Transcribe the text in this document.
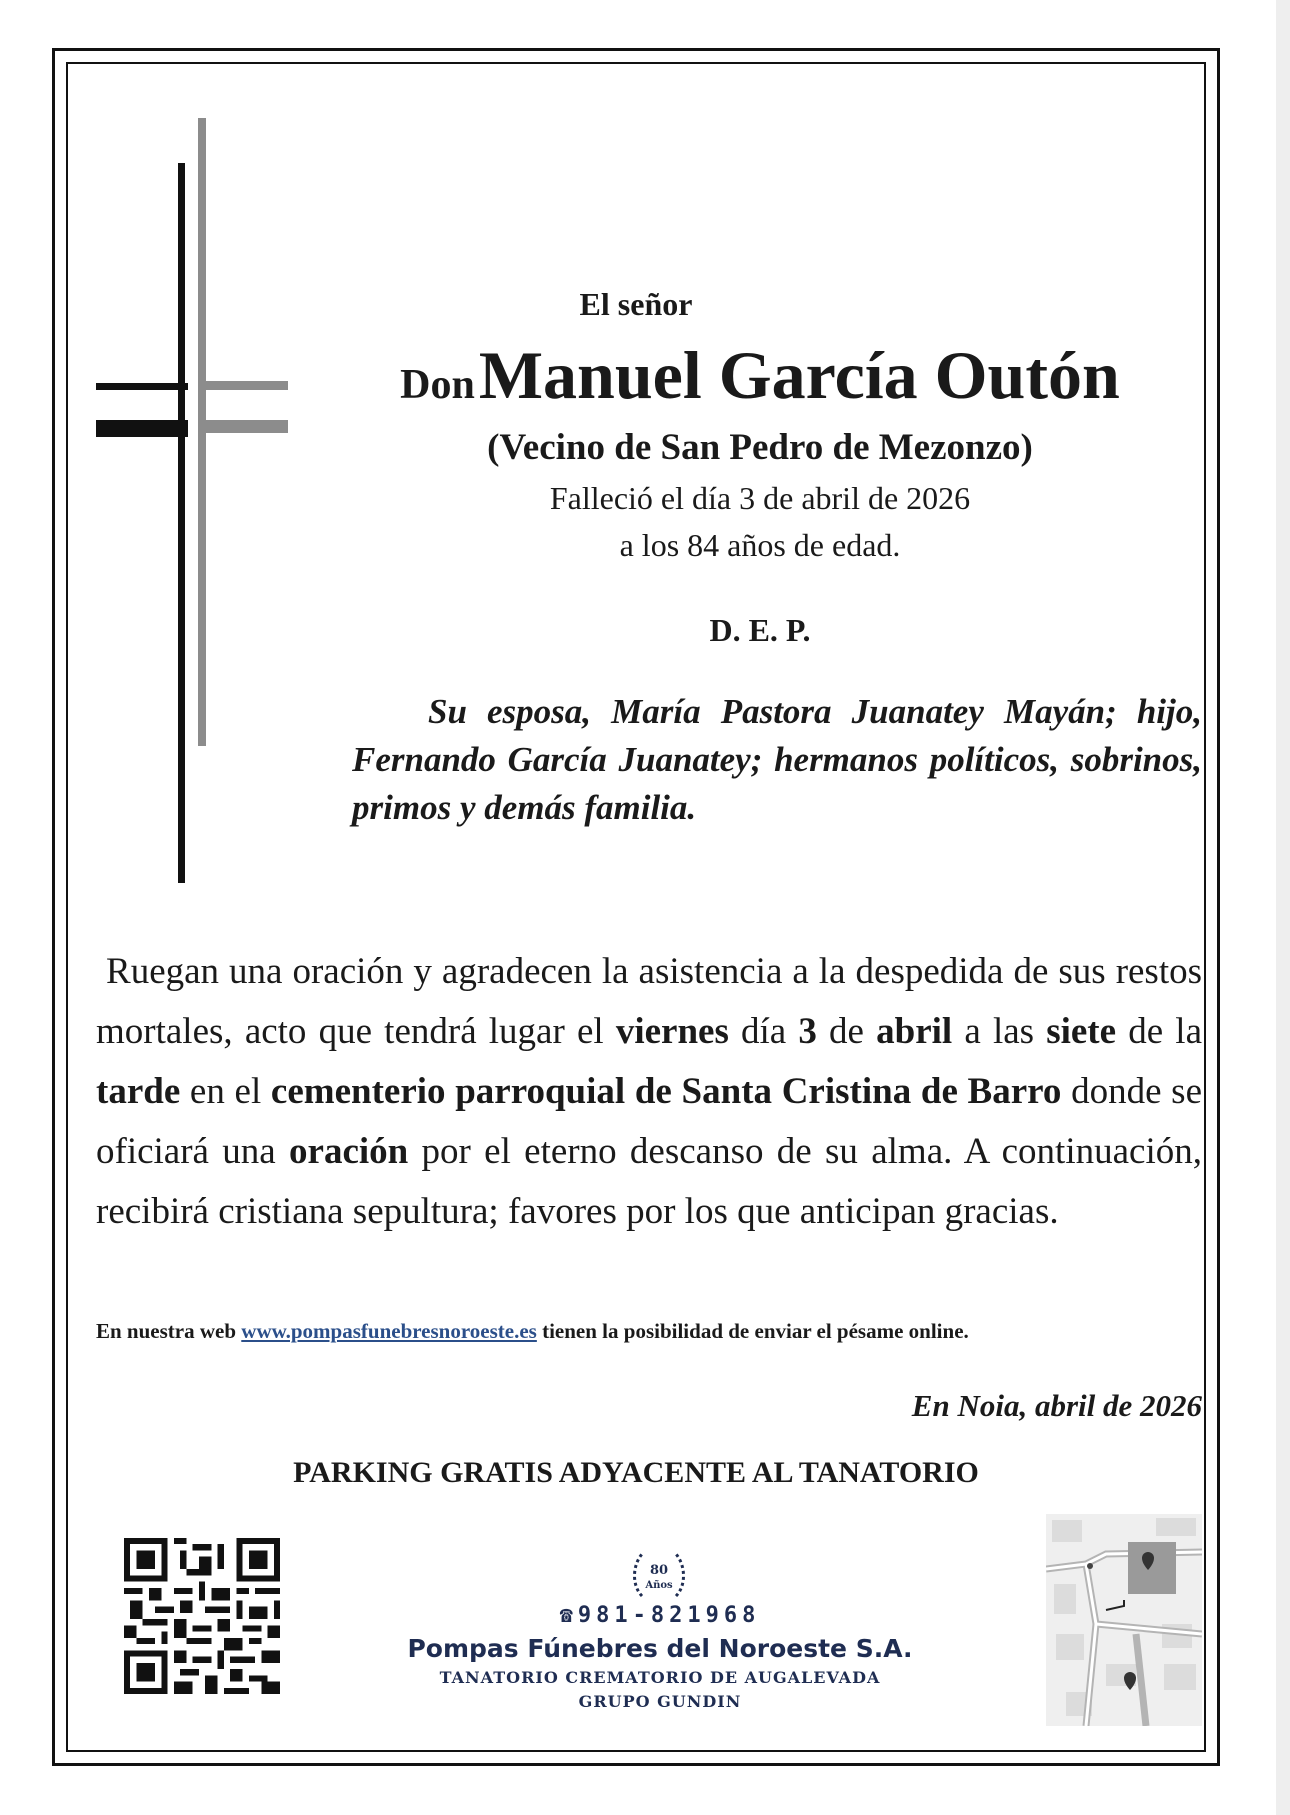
El señor
Don Manuel García Outón
(Vecino de San Pedro de Mezonzo)
Falleció el día 3 de abril de 2026
a los 84 años de edad.
D. E. P.
Su esposa, María Pastora Juanatey Mayán; hijo, Fernando García Juanatey; hermanos políticos, sobrinos, primos y demás familia.
Ruegan una oración y agradecen la asistencia a la despedida de sus restos mortales, acto que tendrá lugar el viernes día 3 de abril a las siete de la tarde en el cementerio parroquial de Santa Cristina de Barro donde se oficiará una oración por el eterno descanso de su alma. A continuación, recibirá cristiana sepultura; favores por los que anticipan gracias.
En nuestra web www.pompasfunebresnoroeste.es tienen la posibilidad de enviar el pésame online.
En Noia, abril de 2026
PARKING GRATIS ADYACENTE AL TANATORIO
80
Años
☎981-821968
Pompas Fúnebres del Noroeste S.A.
TANATORIO CREMATORIO DE AUGALEVADA
GRUPO GUNDIN
